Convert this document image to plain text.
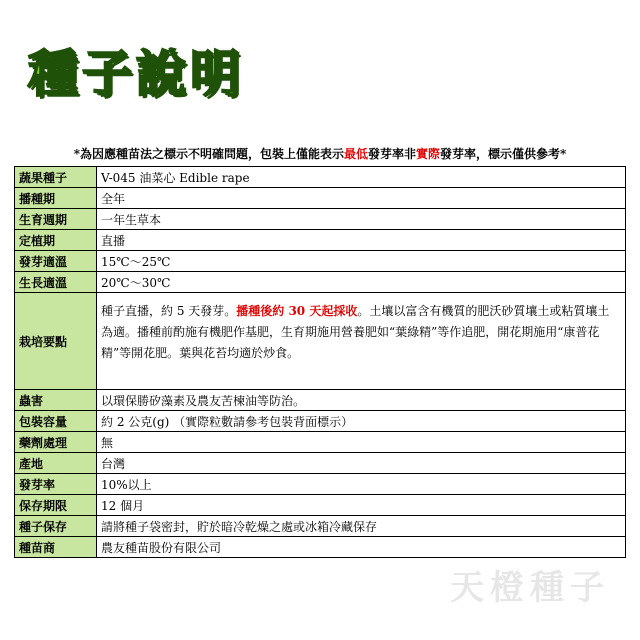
種子說明
*為因應種苗法之標示不明確問題，包裝上僅能表示最低發芽率非實際發芽率，標示僅供參考*
蔬果種子	V-045 油菜心 Edible rape
播種期	全年
生育週期	一年生草本
定植期	直播
發芽適溫	15℃～25℃
生長適溫	20℃～30℃
栽培要點	種子直播，約 5 天發芽。播種後約 30 天起採收。土壤以富含有機質的肥沃砂質壤土或粘質壤土為適。播種前酌施有機肥作基肥，生育期施用營養肥如“葉綠精”等作追肥，開花期施用“康普花精”等開花肥。葉與花苔均適於炒食。
蟲害	以環保勝矽藻素及農友苦楝油等防治。
包裝容量	約 2 公克(g) （實際粒數請參考包裝背面標示）
藥劑處理	無
產地	台灣
發芽率	10%以上
保存期限	12 個月
種子保存	請將種子袋密封，貯於暗冷乾燥之處或冰箱冷藏保存
種苗商	農友種苗股份有限公司
天橙種子
